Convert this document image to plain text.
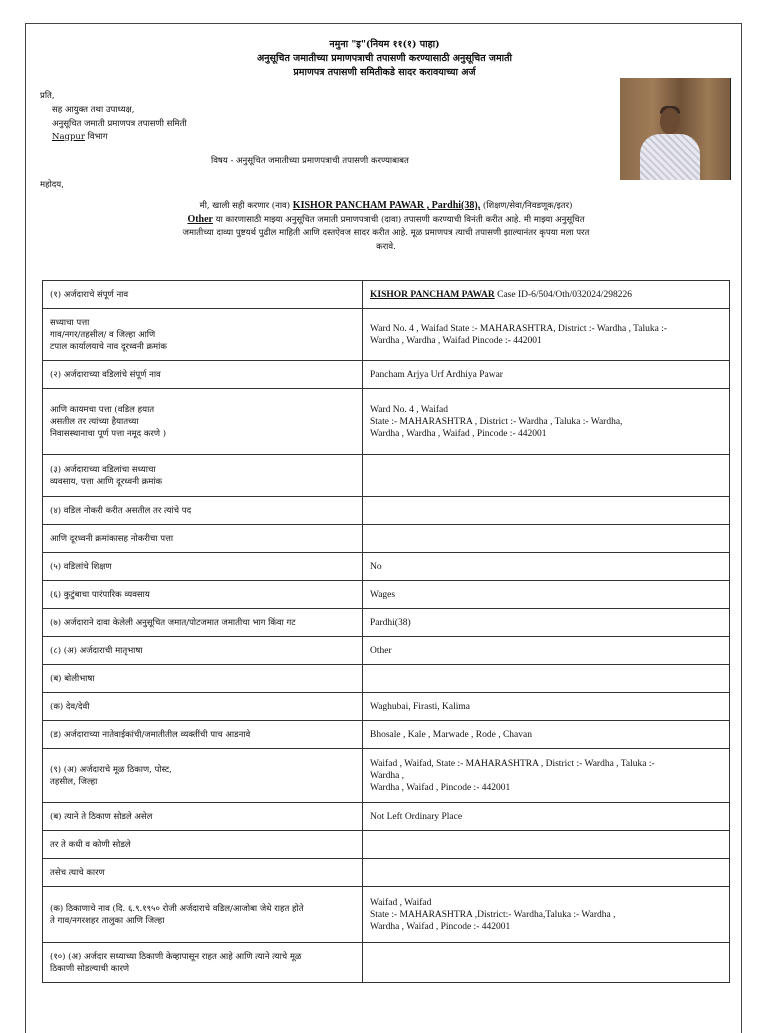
नमुना "इ"(नियम ११(१) पाहा)
अनुसूचित जमातीच्या प्रमाणपत्राची तपासणी करण्यासाठी अनुसूचित जमाती
प्रमाणपत्र तपासणी समितीकडे सादर करावयाच्या अर्ज
प्रति,
सह आयुक्त तथा उपाध्यक्ष,
अनुसूचित जमाती प्रमाणपत्र तपासणी समिती
Nagpur विभाग
विषय - अनुसूचित जमातीच्या प्रमाणपत्राची तपासणी करण्याबाबत
महोदय,
मी, खाली सही करणार (नाव) KISHOR PANCHAM PAWAR , Pardhi(38), (शिक्षण/सेवा/निवडणूक/इतर)
Other या कारणासाठी माझ्या अनुसूचित जमाती प्रमाणपत्राची (दावा) तपासणी करण्याची विनंती करीत आहे. मी माझ्या अनुसूचित
जमातीच्या दाव्या पुष्टयर्थ पुढील माहिती आणि दस्तऐवज सादर करीत आहे. मूळ प्रमाणपत्र त्याची तपासणी झाल्यानंतर कृपया मला परत
करावे.
(१) अर्जदाराचे संपूर्ण नाव	KISHOR PANCHAM PAWAR Case ID-6/504/Oth/032024/298226
सध्याचा पत्ता
गाव/नगर/तहसील/ व जिल्हा आणि
टपाल कार्यालयाचे नाव दूरध्वनी क्रमांक	Ward No. 4 , Waifad State :- MAHARASHTRA, District :- Wardha , Taluka :-
Wardha , Wardha , Waifad Pincode :- 442001
(२) अर्जदाराच्या वडिलांचे संपूर्ण नाव	Pancham Arjya Urf Ardhiya Pawar
आणि कायमचा पत्ता (वडिल हयात
असतील तर त्यांच्या हैयातच्या
निवासस्थानाचा पूर्ण पत्ता नमूद करणे )	Ward No. 4 , Waifad
State :- MAHARASHTRA , District :- Wardha , Taluka :- Wardha,
Wardha , Wardha , Waifad , Pincode :- 442001
(३) अर्जदाराच्या वडिलांचा सध्याचा
व्यवसाय, पत्ता आणि दूरध्वनी क्रमांक	
(४) वडिल नोकरी करीत असतील तर त्यांचे पद	
आणि दूरध्वनी क्रमांकासह नोकरीचा पत्ता	
(५) वडिलांचे शिक्षण	No
(६) कुटुंबाचा पारंपारिक व्यवसाय	Wages
(७) अर्जदाराने दावा केलेली अनुसूचित जमात/पोटजमात जमातीचा भाग किंवा गट	Pardhi(38)
(८) (अ) अर्जदाराची मातृभाषा	Other
(ब) बोलीभाषा	
(क) देव/देवी	Waghubai, Firasti, Kalima
(ड) अर्जदाराच्या नातेवाईकांची/जमातीतील व्यक्तींची पाच आडनावे	Bhosale , Kale , Marwade , Rode , Chavan
(९) (अ) अर्जदाराचे मूळ ठिकाण, पोस्ट,
तहसील, जिल्हा	Waifad , Waifad, State :- MAHARASHTRA , District :- Wardha , Taluka :-
Wardha ,
Wardha , Waifad , Pincode :- 442001
(ब) त्याने ते ठिकाण सोडले असेल	Not Left Ordinary Place
तर ते कधी व कोणी सोडले	
तसेच त्याचे कारण	
(क) ठिकाणाचे नाव (दि. ६.९.१९५० रोजी अर्जदाराचे वडिल/आजोबा जेथे राहत होते
ते गाव/नगरशहर तालुका आणि जिल्हा	Waifad , Waifad
State :- MAHARASHTRA ,District:- Wardha,Taluka :- Wardha ,
Wardha , Waifad , Pincode :- 442001
(१०) (अ) अर्जदार सध्याच्या ठिकाणी केव्हापासून राहत आहे आणि त्याने त्याचे मूळ
ठिकाणी सोडल्याची कारणे	
